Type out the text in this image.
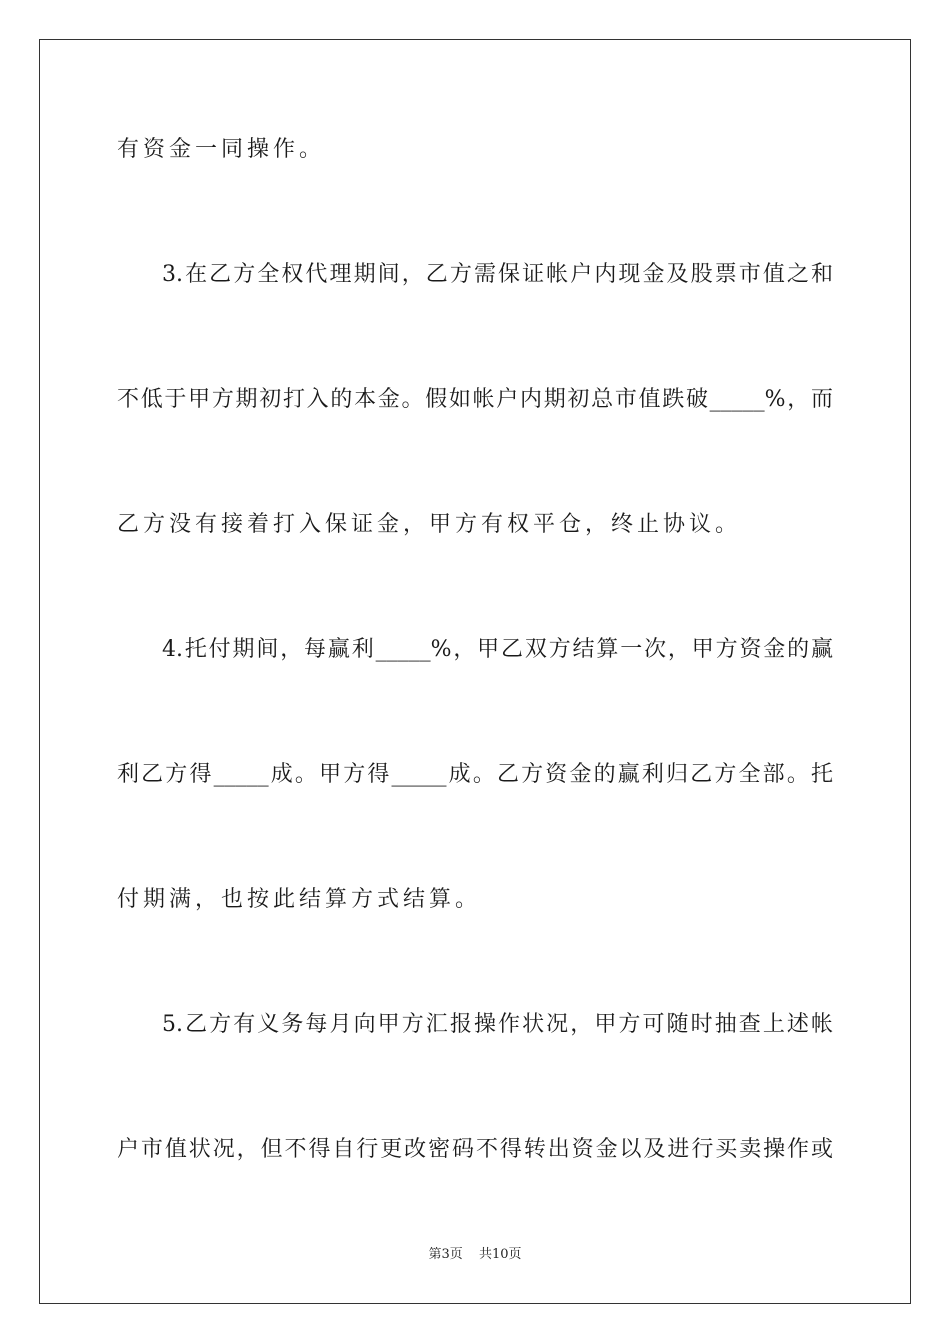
有资金一同操作。
3.在乙方全权代理期间，乙方需保证帐户内现金及股票市值之和
不低于甲方期初打入的本金。假如帐户内期初总市值跌破_____%，而
乙方没有接着打入保证金，甲方有权平仓，终止协议。
4.托付期间，每赢利_____%，甲乙双方结算一次，甲方资金的赢
利乙方得_____成。甲方得_____成。乙方资金的赢利归乙方全部。托
付期满，也按此结算方式结算。
5.乙方有义务每月向甲方汇报操作状况，甲方可随时抽查上述帐
户市值状况，但不得自行更改密码不得转出资金以及进行买卖操作或
第3页 共10页
